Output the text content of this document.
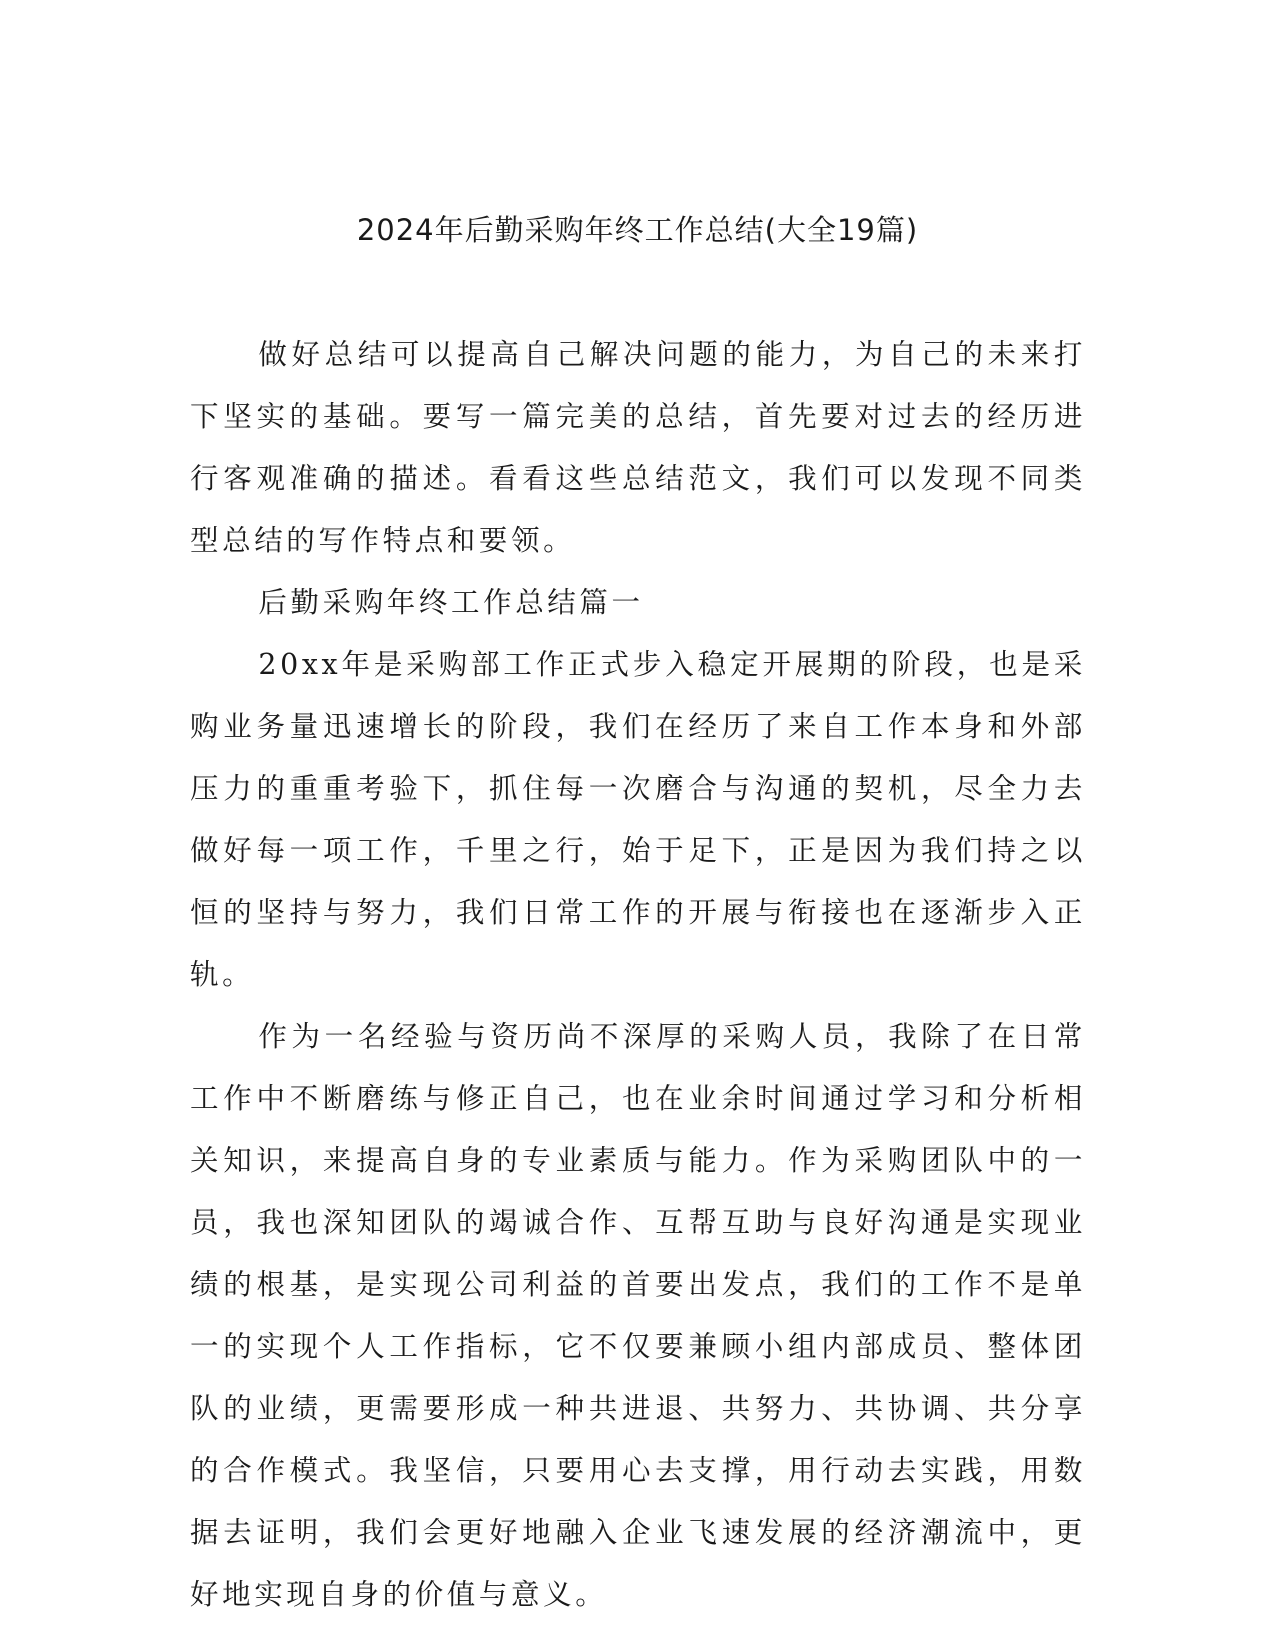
2024年后勤采购年终工作总结(大全19篇)

做好总结可以提高自己解决问题的能力，为自己的未来打下坚实的基础。要写一篇完美的总结，首先要对过去的经历进行客观准确的描述。看看这些总结范文，我们可以发现不同类型总结的写作特点和要领。

后勤采购年终工作总结篇一

20xx年是采购部工作正式步入稳定开展期的阶段，也是采购业务量迅速增长的阶段，我们在经历了来自工作本身和外部压力的重重考验下，抓住每一次磨合与沟通的契机，尽全力去做好每一项工作，千里之行，始于足下，正是因为我们持之以恒的坚持与努力，我们日常工作的开展与衔接也在逐渐步入正轨。

作为一名经验与资历尚不深厚的采购人员，我除了在日常工作中不断磨练与修正自己，也在业余时间通过学习和分析相关知识，来提高自身的专业素质与能力。作为采购团队中的一员，我也深知团队的竭诚合作、互帮互助与良好沟通是实现业绩的根基，是实现公司利益的首要出发点，我们的工作不是单一的实现个人工作指标，它不仅要兼顾小组内部成员、整体团队的业绩，更需要形成一种共进退、共努力、共协调、共分享的合作模式。我坚信，只要用心去支撑，用行动去实践，用数据去证明，我们会更好地融入企业飞速发展的经济潮流中，更好地实现自身的价值与意义。
